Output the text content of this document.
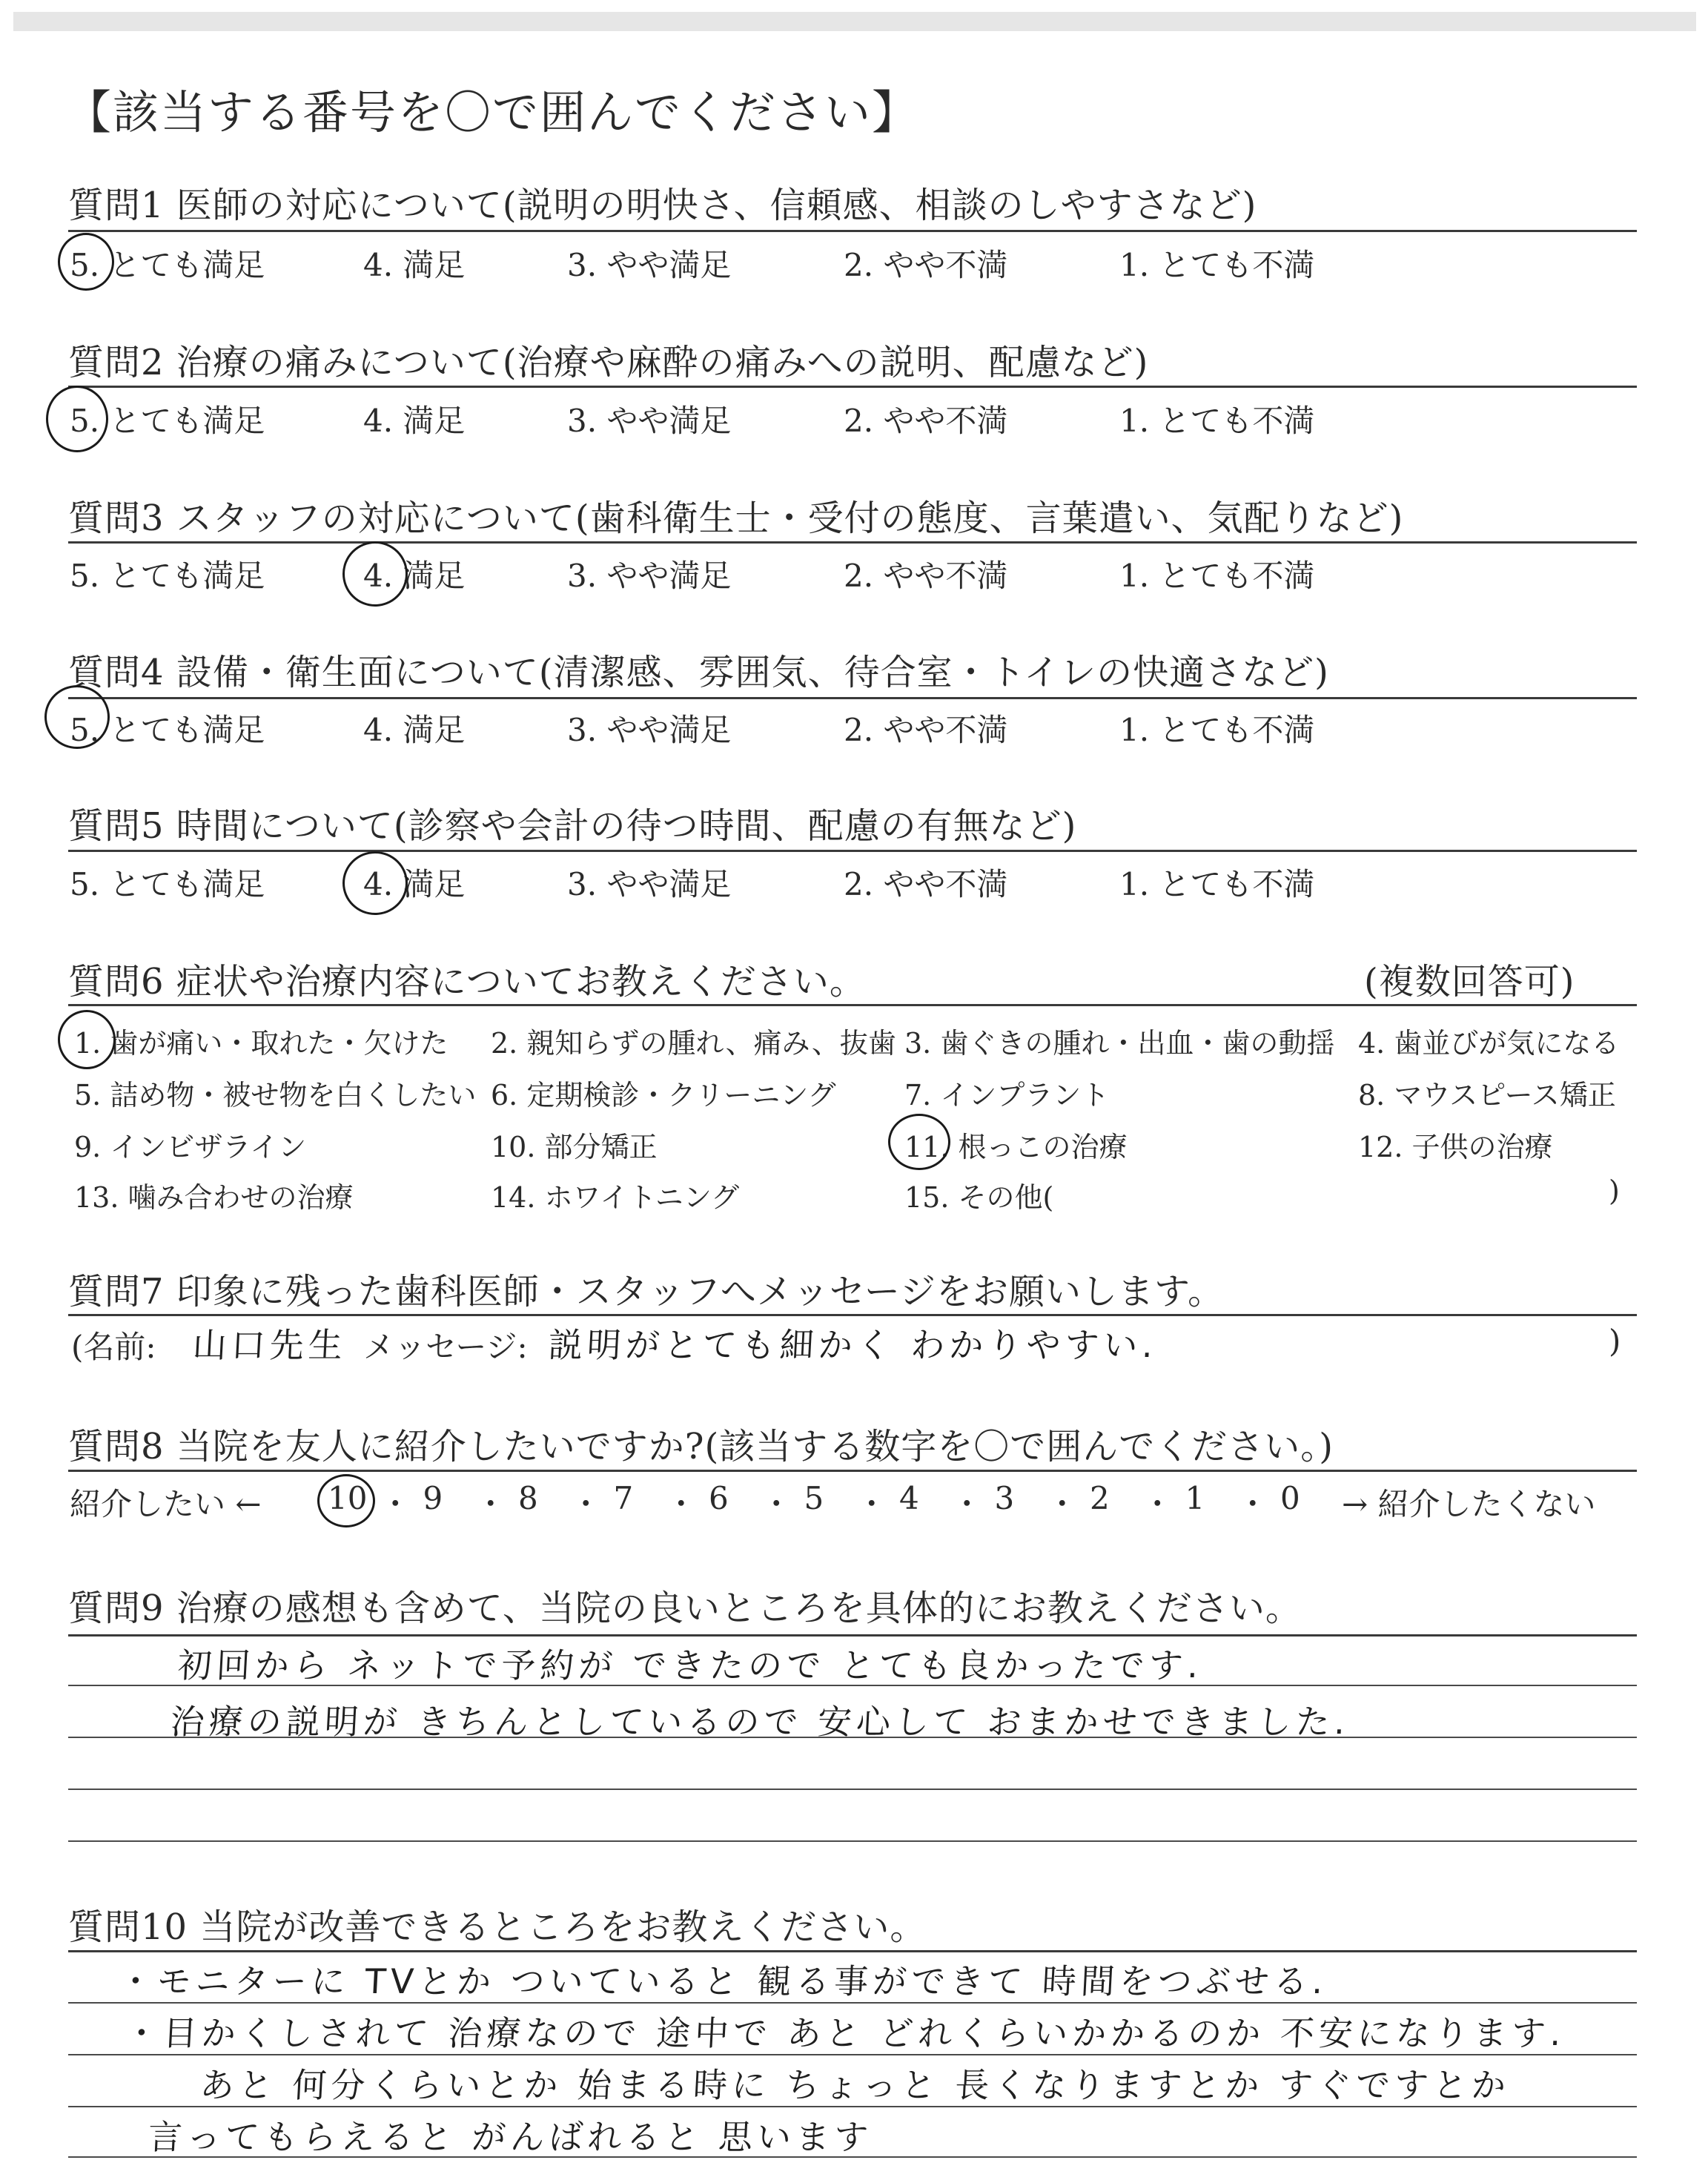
【該当する番号を〇で囲んでください】
質問1 医師の対応について(説明の明快さ、信頼感、相談のしやすさなど)
5. とても満足	4. 満足	3. やや満足	2. やや不満	1. とても不満
質問2 治療の痛みについて(治療や麻酔の痛みへの説明、配慮など)
5. とても満足	4. 満足	3. やや満足	2. やや不満	1. とても不満
質問3 スタッフの対応について(歯科衛生士・受付の態度、言葉遣い、気配りなど)
5. とても満足	4. 満足	3. やや満足	2. やや不満	1. とても不満
質問4 設備・衛生面について(清潔感、雰囲気、待合室・トイレの快適さなど)
5. とても満足	4. 満足	3. やや満足	2. やや不満	1. とても不満
質問5 時間について(診察や会計の待つ時間、配慮の有無など)
5. とても満足	4. 満足	3. やや満足	2. やや不満	1. とても不満
質問6 症状や治療内容についてお教えください。	(複数回答可)
1. 歯が痛い・取れた・欠けた 2. 親知らずの腫れ、痛み、抜歯 3. 歯ぐきの腫れ・出血・歯の動揺 4. 歯並びが気になる
5. 詰め物・被せ物を白くしたい 6. 定期検診・クリーニング 7. インプラント	8. マウスピース矯正
9. インビザライン	10. 部分矯正	11. 根っこの治療	12. 子供の治療
13. 噛み合わせの治療	14. ホワイトニング	15. その他(	)
質問7 印象に残った歯科医師・スタッフへメッセージをお願いします。
(名前: 山口先生 メッセージ: 説明がとても細かく わかりやすい.	)
質問8 当院を友人に紹介したいですか?(該当する数字を〇で囲んでください。)
紹介したい ← 10 ・ 9 ・ 8 ・ 7 ・ 6 ・ 5 ・ 4 ・ 3 ・ 2 ・ 1 ・ 0 → 紹介したくない
質問9 治療の感想も含めて、当院の良いところを具体的にお教えください。
初回から ネットで予約が できたので とても良かったです.
治療の説明が きちんとしているので 安心して おまかせできました.
質問10 当院が改善できるところをお教えください。
・モニターに TVとか ついていると 観る事ができて 時間をつぶせる.
・目かくしされて 治療なので 途中で あと どれくらいかかるのか 不安になります.
あと 何分くらいとか 始まる時に ちょっと 長くなりますとか すぐですとか
言ってもらえると がんばれると 思います
